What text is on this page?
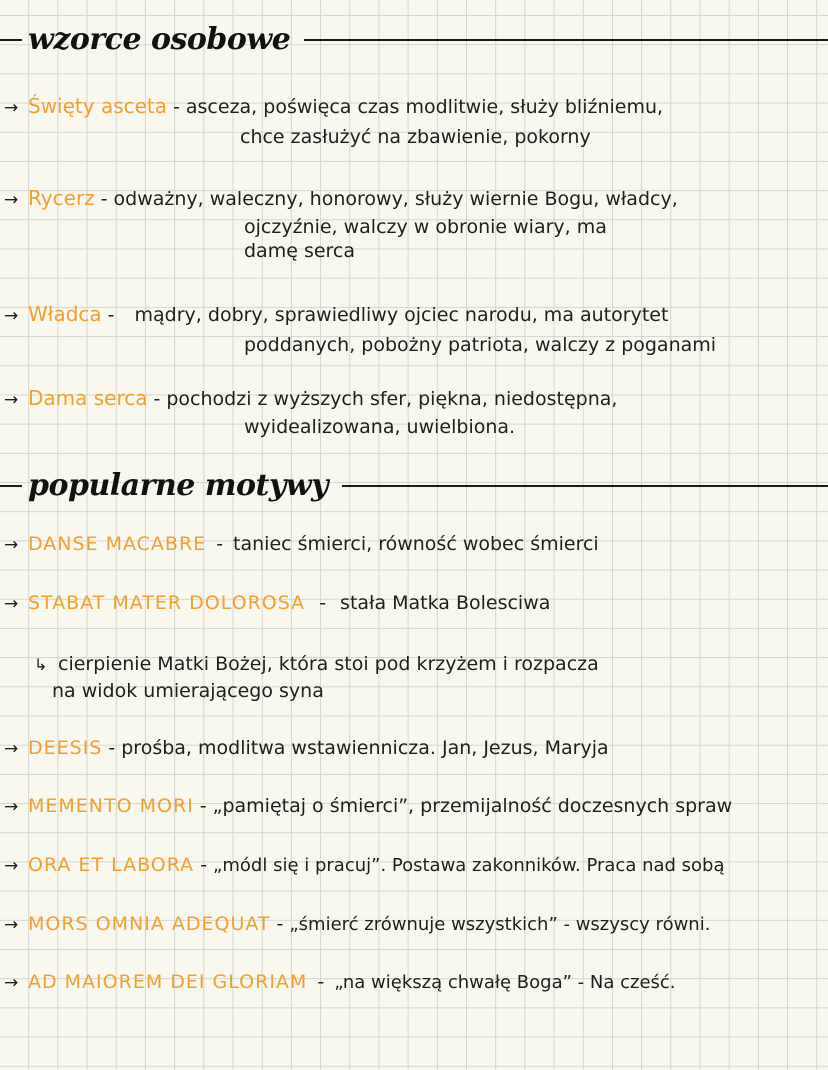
wzorce osobowe
→ Święty asceta - asceza, poświęca czas modlitwie, służy bliźniemu,
chce zasłużyć na zbawienie, pokorny
→ Rycerz - odważny, waleczny, honorowy, służy wiernie Bogu, władcy,
ojczyźnie, walczy w obronie wiary, ma
damę serca
→ Władca - mądry, dobry, sprawiedliwy ojciec narodu, ma autorytet
poddanych, pobożny patriota, walczy z poganami
→ Dama serca - pochodzi z wyższych sfer, piękna, niedostępna,
wyidealizowana, uwielbiona.
popularne motywy
→ DANSE MACABRE - taniec śmierci, równość wobec śmierci
→ STABAT MATER DOLOROSA - stała Matka Bolesciwa
↳ cierpienie Matki Bożej, która stoi pod krzyżem i rozpacza
na widok umierającego syna
→ DEESIS - prośba, modlitwa wstawiennicza. Jan, Jezus, Maryja
→ MEMENTO MORI - „pamiętaj o śmierci”, przemijalność doczesnych spraw
→ ORA ET LABORA - „módl się i pracuj”. Postawa zakonników. Praca nad sobą
→ MORS OMNIA ADEQUAT - „śmierć zrównuje wszystkich” - wszyscy równi.
→ AD MAIOREM DEI GLORIAM - „na większą chwałę Boga” - Na cześć.
